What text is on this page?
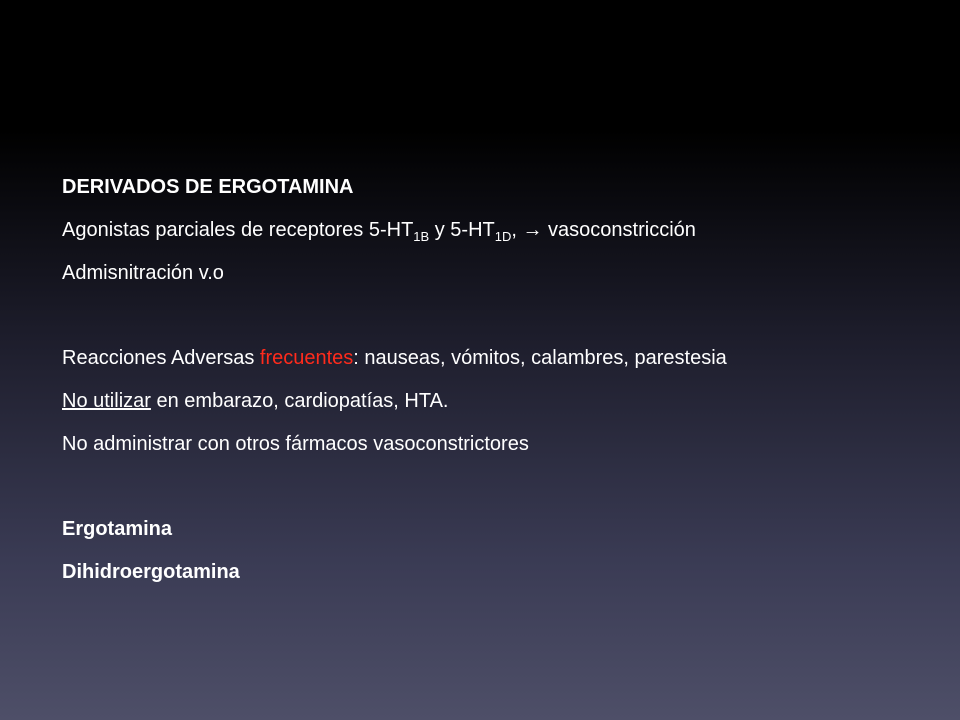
DERIVADOS DE ERGOTAMINA
Agonistas parciales de receptores $5-HT_{1B}$ y $5-HT_{1D}$, → vasoconstricción
Admisnitración v.o
Reacciones Adversas frecuentes: nauseas, vómitos, calambres, parestesia
No utilizar en embarazo, cardiopatías, HTA.
No administrar con otros fármacos vasoconstrictores
Ergotamina
Dihidroergotamina
